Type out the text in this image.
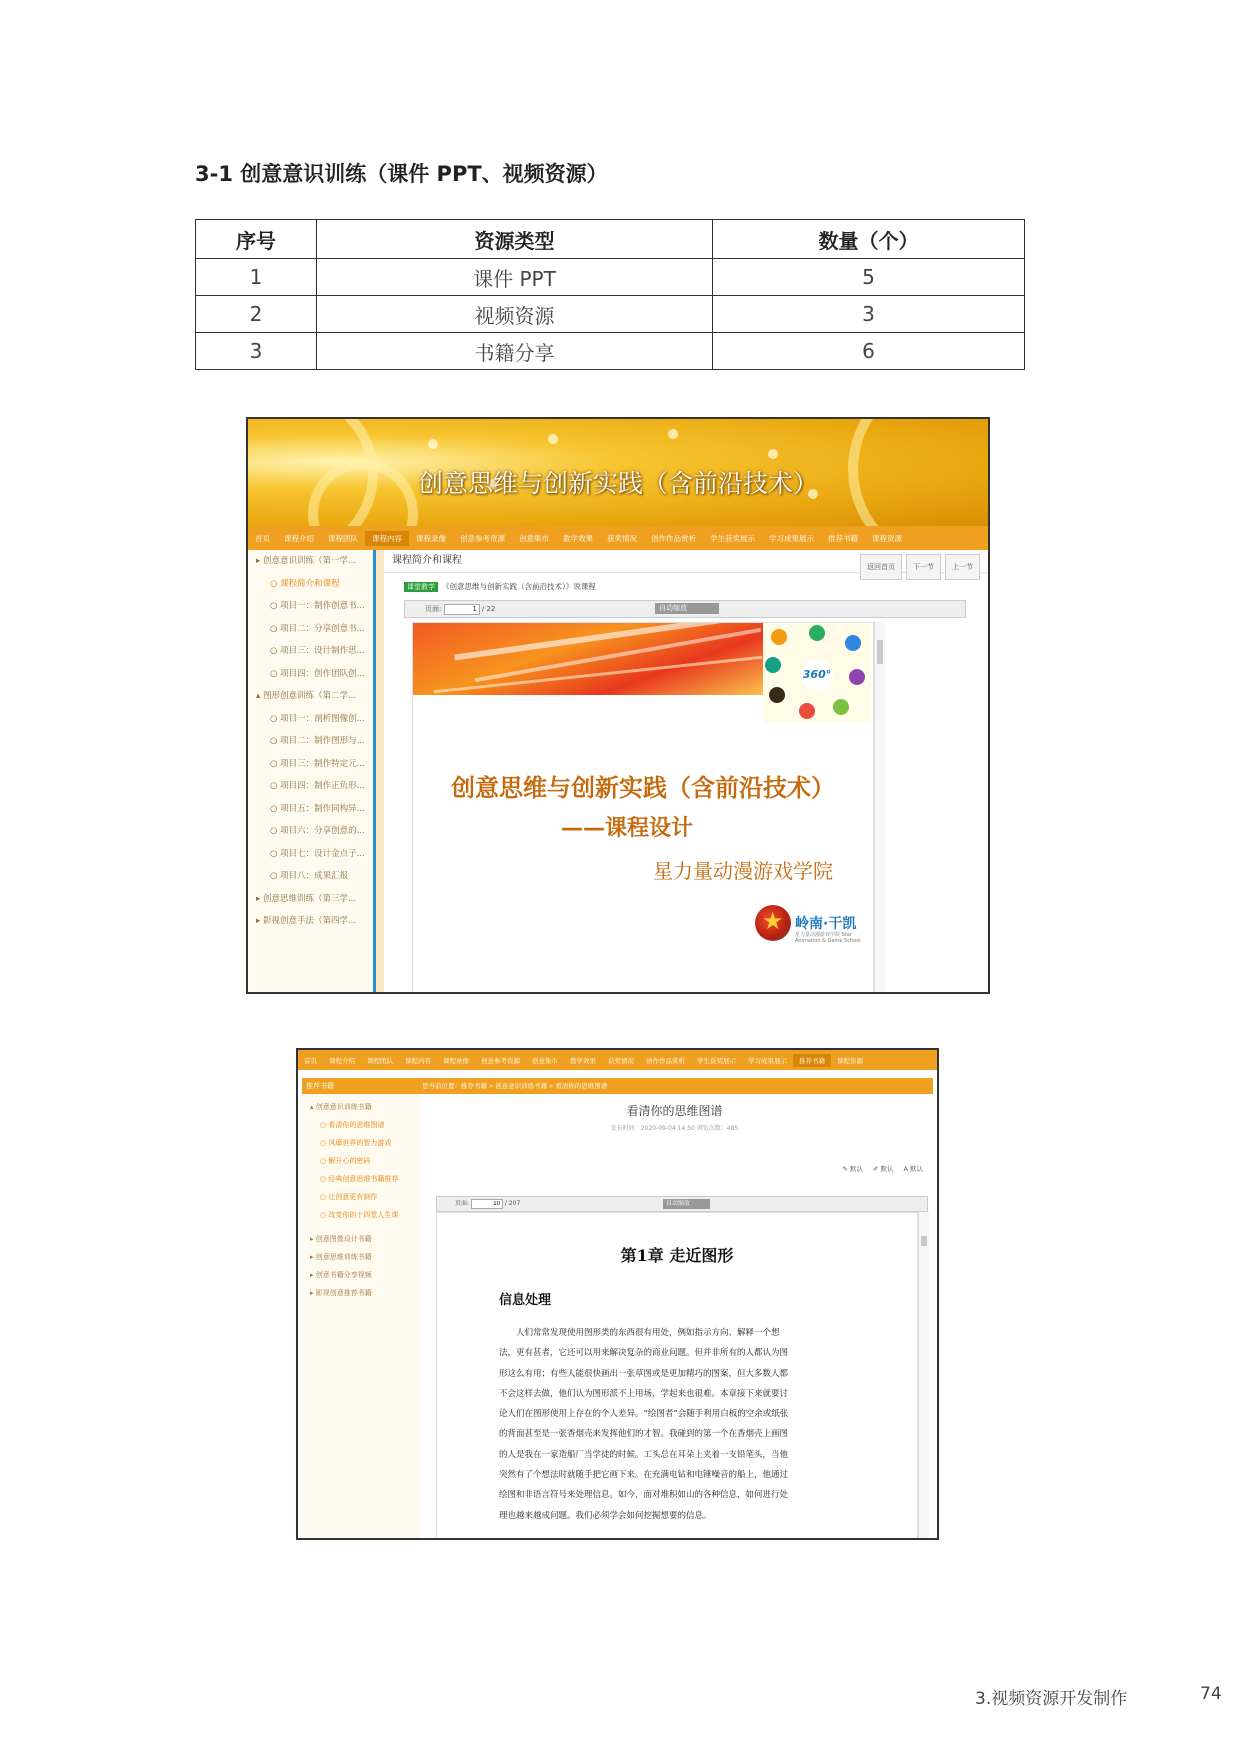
3-1 创意意识训练（课件 PPT、视频资源）
序号	资源类型	数量（个）
1	课件 PPT	5
2	视频资源	3
3	书籍分享	6
创意思维与创新实践（含前沿技术）
首页	课程介绍	课程团队	课程内容	课程录像	创意参考资源	创意集市	教学效果	获奖情况	创作作品赏析	学生获奖展示	学习成果展示	推荐书籍	课程资源
▸ 创意意识训练（第一学...
○ 课程简介和课程
○ 项目一：制作创意书...
○ 项目二：分享创意书...
○ 项目三：设计制作思...
○ 项目四：创作团队创...
▴ 图形创意训练（第二学...
○ 项目一：剖析图像创...
○ 项目二：制作图形与...
○ 项目三：制作特定元...
○ 项目四：制作正负形...
○ 项目五：制作同构异...
○ 项目六：分享创意的...
○ 项目七：设计金点子...
○ 项目八：成果汇报
▸ 创意思维训练（第三学...
▸ 影视创意手法（第四学...
课程简介和课程
返回首页	下一节	上一节
课堂教学 《创意思维与创新实践（含前沿技术）》说课程
页面: 1	/ 22	自动缩放
360°
创意思维与创新实践（含前沿技术）
——课程设计
星力量动漫游戏学院
★ 岭南·干凯
星力量动漫游戏学院 Star Animation & Game School
首页	课程介绍	课程团队	课程内容	课程录像	创意参考资源	创意集市	教学效果	获奖情况	创作作品赏析	学生获奖展示	学习成果展示	推荐书籍	课程资源
推荐书籍
▴ 创意意识训练书籍
○ 看清你的思维图谱
○ 风靡世界的智力游戏
○ 解开心的密码
○ 经典创意思维书籍推荐
○ 让创意更有制作
○ 改变你的十四堂人生课
▸ 创意图像设计书籍
▸ 创意思维训练书籍
▸ 创意书籍分享视频
▸ 影视创意推荐书籍
您当前位置：推荐书籍 » 创意意识训练书籍 » 看清你的思维图谱
看清你的思维图谱
发布时间：2020-09-04 14:50 浏览次数：485
✎ 默认 ✐ 默认 A 默认
页面: 10	/ 207	自动缩放
第1章 走近图形
信息处理
人们常常发现使用图形类的东西很有用处，例如指示方向、解释一个想法，更有甚者，它还可以用来解决复杂的商业问题。但并非所有的人都认为图形这么有用；有些人能很快画出一张草图或是更加精巧的图案，但大多数人都不会这样去做，他们认为图形派不上用场，学起来也很难。本章接下来就要讨论人们在图形使用上存在的个人差异。“绘图者”会随手利用白板的空余或纸张的背面甚至是一张香烟壳来发挥他们的才智。我碰到的第一个在香烟壳上画图的人是我在一家造船厂当学徒的时候。工头总在耳朵上夹着一支铅笔头，当他突然有了个想法时就随手把它画下来。在充满电钻和电锤噪音的船上，他通过绘图和非语言符号来处理信息。如今，面对堆积如山的各种信息，如何进行处理也越来越成问题。我们必须学会如何挖掘想要的信息。
3.视频资源开发制作	74
